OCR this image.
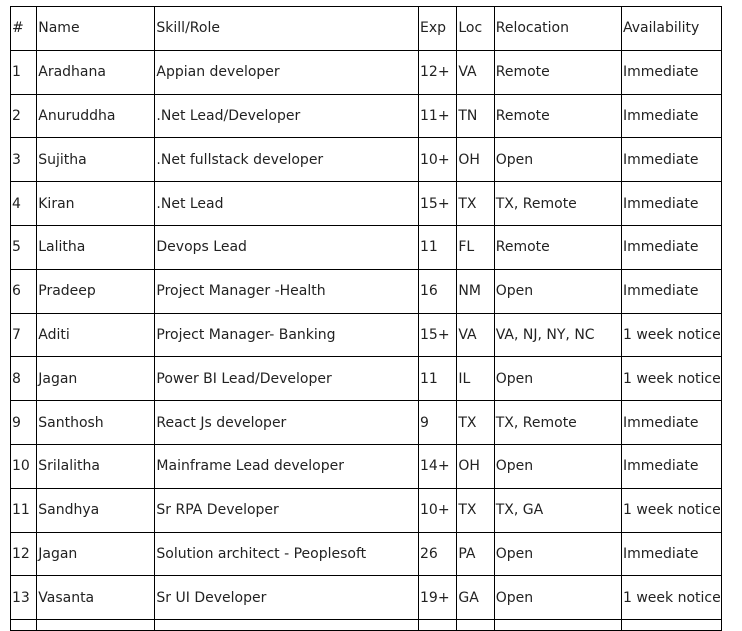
#	Name	Skill/Role	Exp	Loc	Relocation	Availability
1	Aradhana	Appian developer	12+	VA	Remote	Immediate
2	Anuruddha	.Net Lead/Developer	11+	TN	Remote	Immediate
3	Sujitha	.Net fullstack developer	10+	OH	Open	Immediate
4	Kiran	.Net Lead	15+	TX	TX, Remote	Immediate
5	Lalitha	Devops Lead	11	FL	Remote	Immediate
6	Pradeep	Project Manager -Health	16	NM	Open	Immediate
7	Aditi	Project Manager- Banking	15+	VA	VA, NJ, NY, NC	1 week notice
8	Jagan	Power BI Lead/Developer	11	IL	Open	1 week notice
9	Santhosh	React Js developer	9	TX	TX, Remote	Immediate
10	Srilalitha	Mainframe Lead developer	14+	OH	Open	Immediate
11	Sandhya	Sr RPA Developer	10+	TX	TX, GA	1 week notice
12	Jagan	Solution architect - Peoplesoft	26	PA	Open	Immediate
13	Vasanta	Sr UI Developer	19+	GA	Open	1 week notice
